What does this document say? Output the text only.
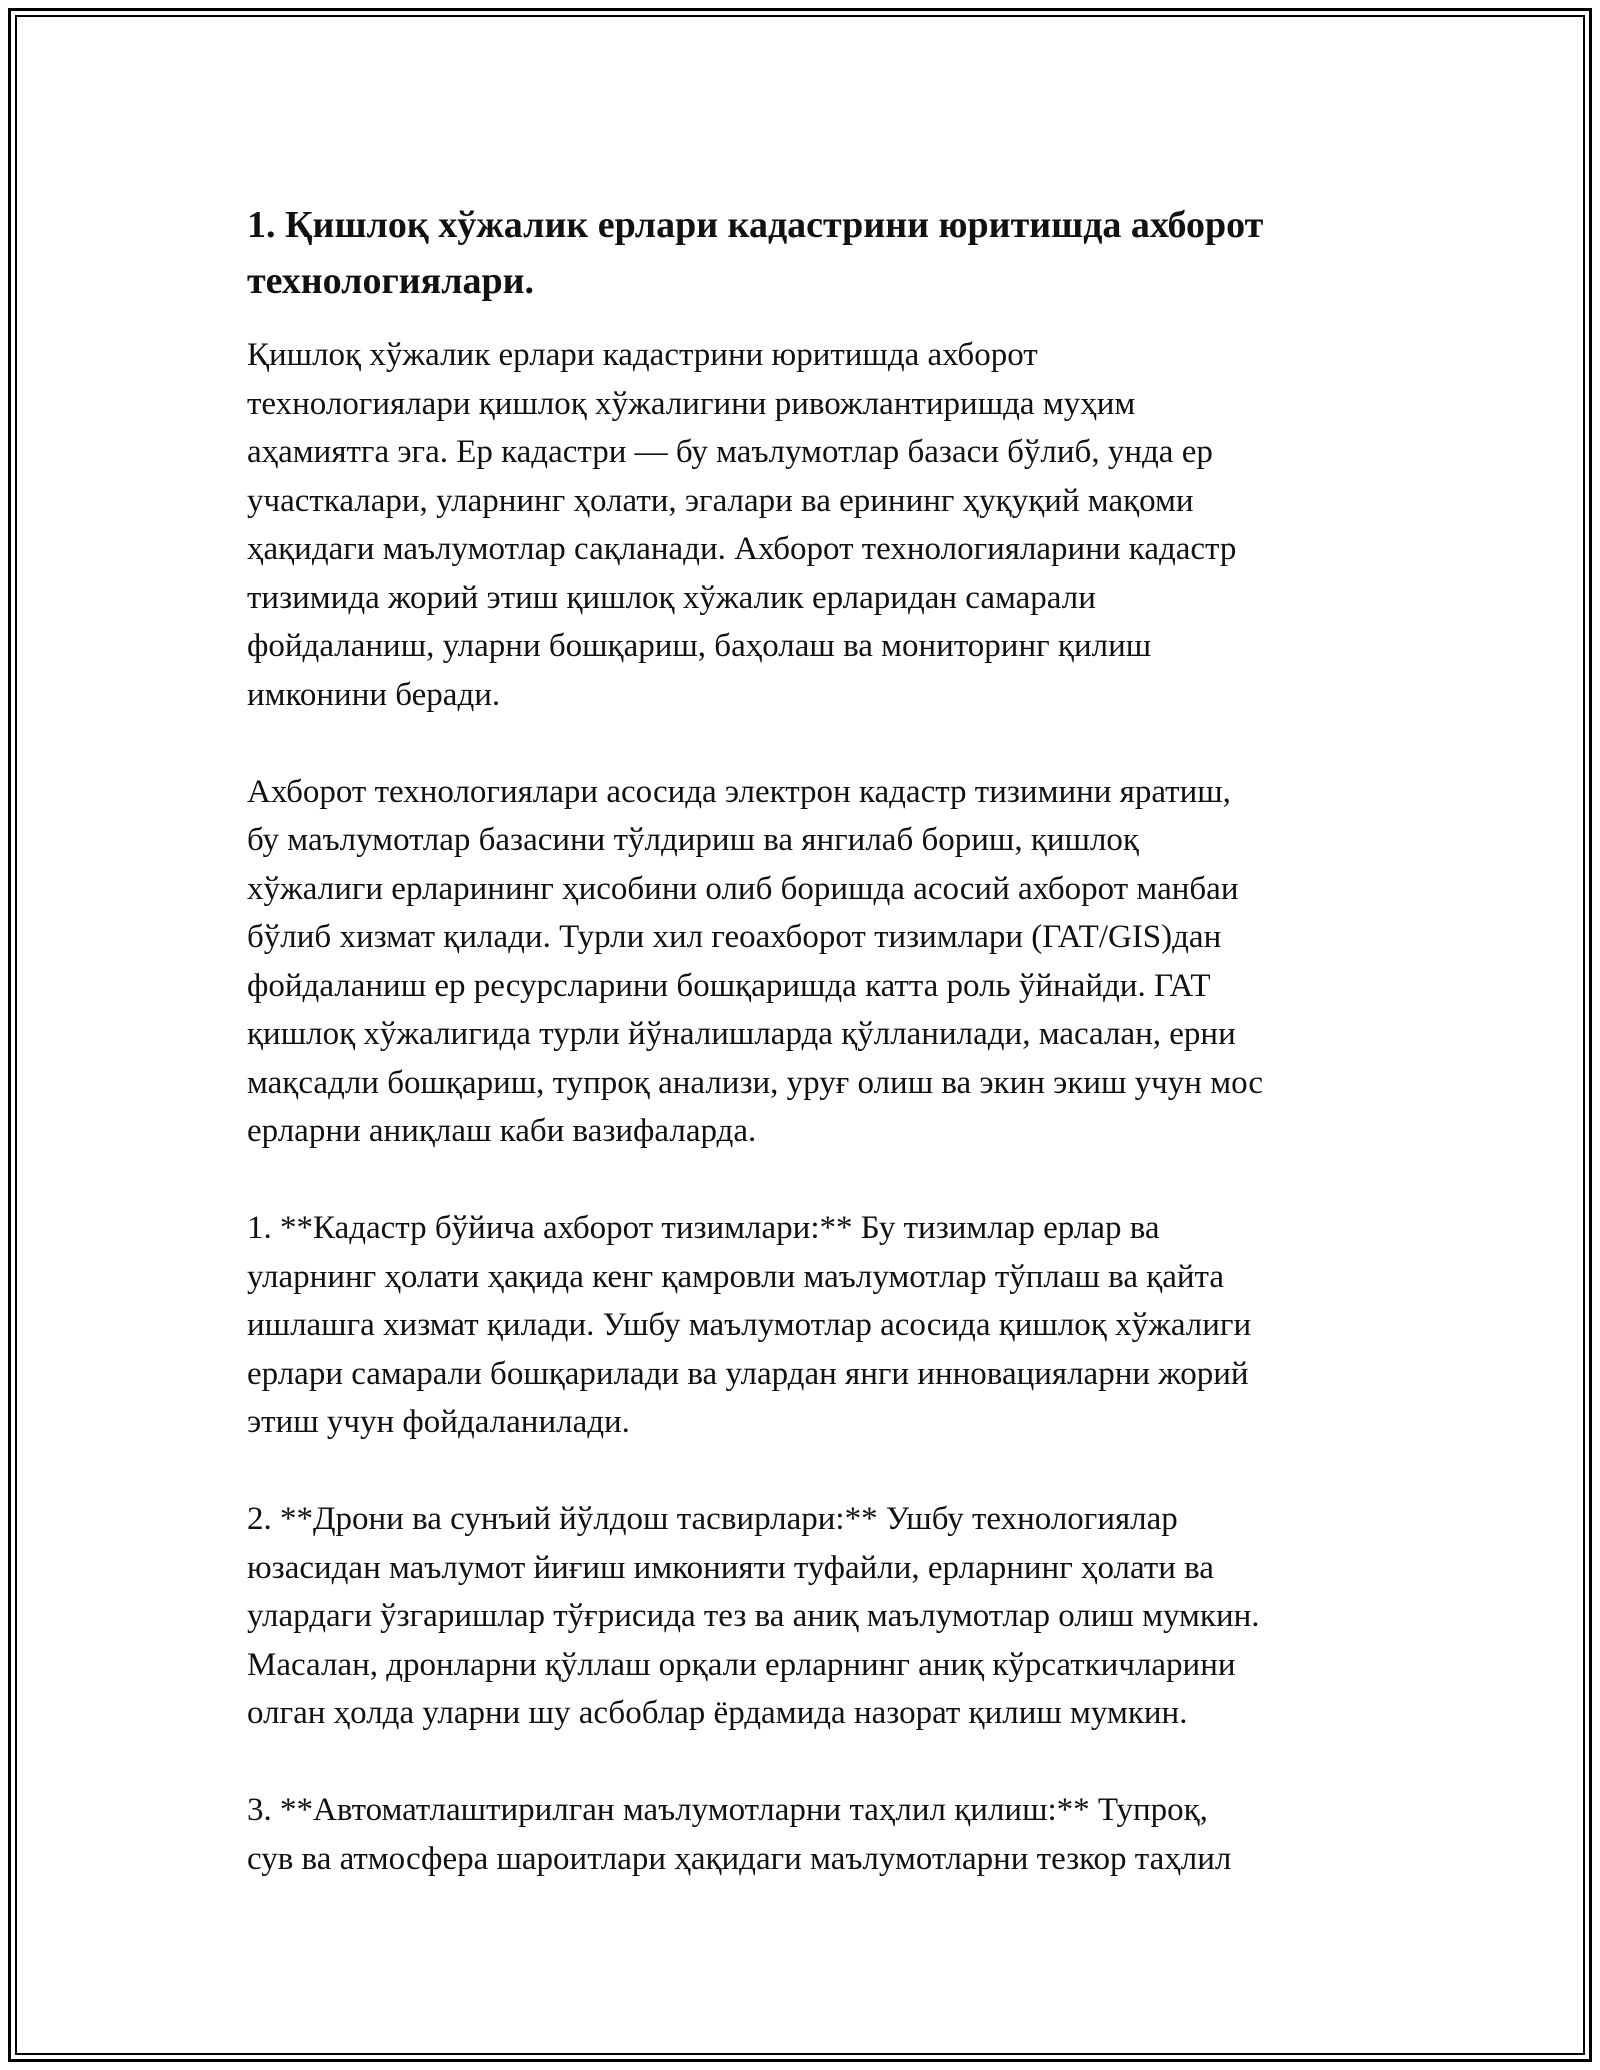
1. Қишлоқ хўжалик ерлари кадастрини юритишда ахборот технологиялари.
Қишлоқ хўжалик ерлари кадастрини юритишда ахборот
технологиялари қишлоқ хўжалигини ривожлантиришда муҳим
аҳамиятга эга. Ер кадастри — бу маълумотлар базаси бўлиб, унда ер
участкалари, уларнинг ҳолати, эгалари ва ерининг ҳуқуқий мақоми
ҳақидаги маълумотлар сақланади. Ахборот технологияларини кадастр
тизимида жорий этиш қишлоқ хўжалик ерларидан самарали
фойдаланиш, уларни бошқариш, баҳолаш ва мониторинг қилиш
имконини беради.
Ахборот технологиялари асосида электрон кадастр тизимини яратиш,
бу маълумотлар базасини тўлдириш ва янгилаб бориш, қишлоқ
хўжалиги ерларининг ҳисобини олиб боришда асосий ахборот манбаи
бўлиб хизмат қилади. Турли хил геоахборот тизимлари (ГАТ/GIS)дан
фойдаланиш ер ресурсларини бошқаришда катта роль ўйнайди. ГАТ
қишлоқ хўжалигида турли йўналишларда қўлланилади, масалан, ерни
мақсадли бошқариш, тупроқ анализи, уруғ олиш ва экин экиш учун мос
ерларни аниқлаш каби вазифаларда.
1. **Кадастр бўйича ахборот тизимлари:** Бу тизимлар ерлар ва
уларнинг ҳолати ҳақида кенг қамровли маълумотлар тўплаш ва қайта
ишлашга хизмат қилади. Ушбу маълумотлар асосида қишлоқ хўжалиги
ерлари самарали бошқарилади ва улардан янги инновацияларни жорий
этиш учун фойдаланилади.
2. **Дрони ва сунъий йўлдош тасвирлари:** Ушбу технологиялар
юзасидан маълумот йиғиш имконияти туфайли, ерларнинг ҳолати ва
улардаги ўзгаришлар тўғрисида тез ва аниқ маълумотлар олиш мумкин.
Масалан, дронларни қўллаш орқали ерларнинг аниқ кўрсаткичларини
олган ҳолда уларни шу асбоблар ёрдамида назорат қилиш мумкин.
3. **Автоматлаштирилган маълумотларни таҳлил қилиш:** Тупроқ,
сув ва атмосфера шароитлари ҳақидаги маълумотларни тезкор таҳлил
